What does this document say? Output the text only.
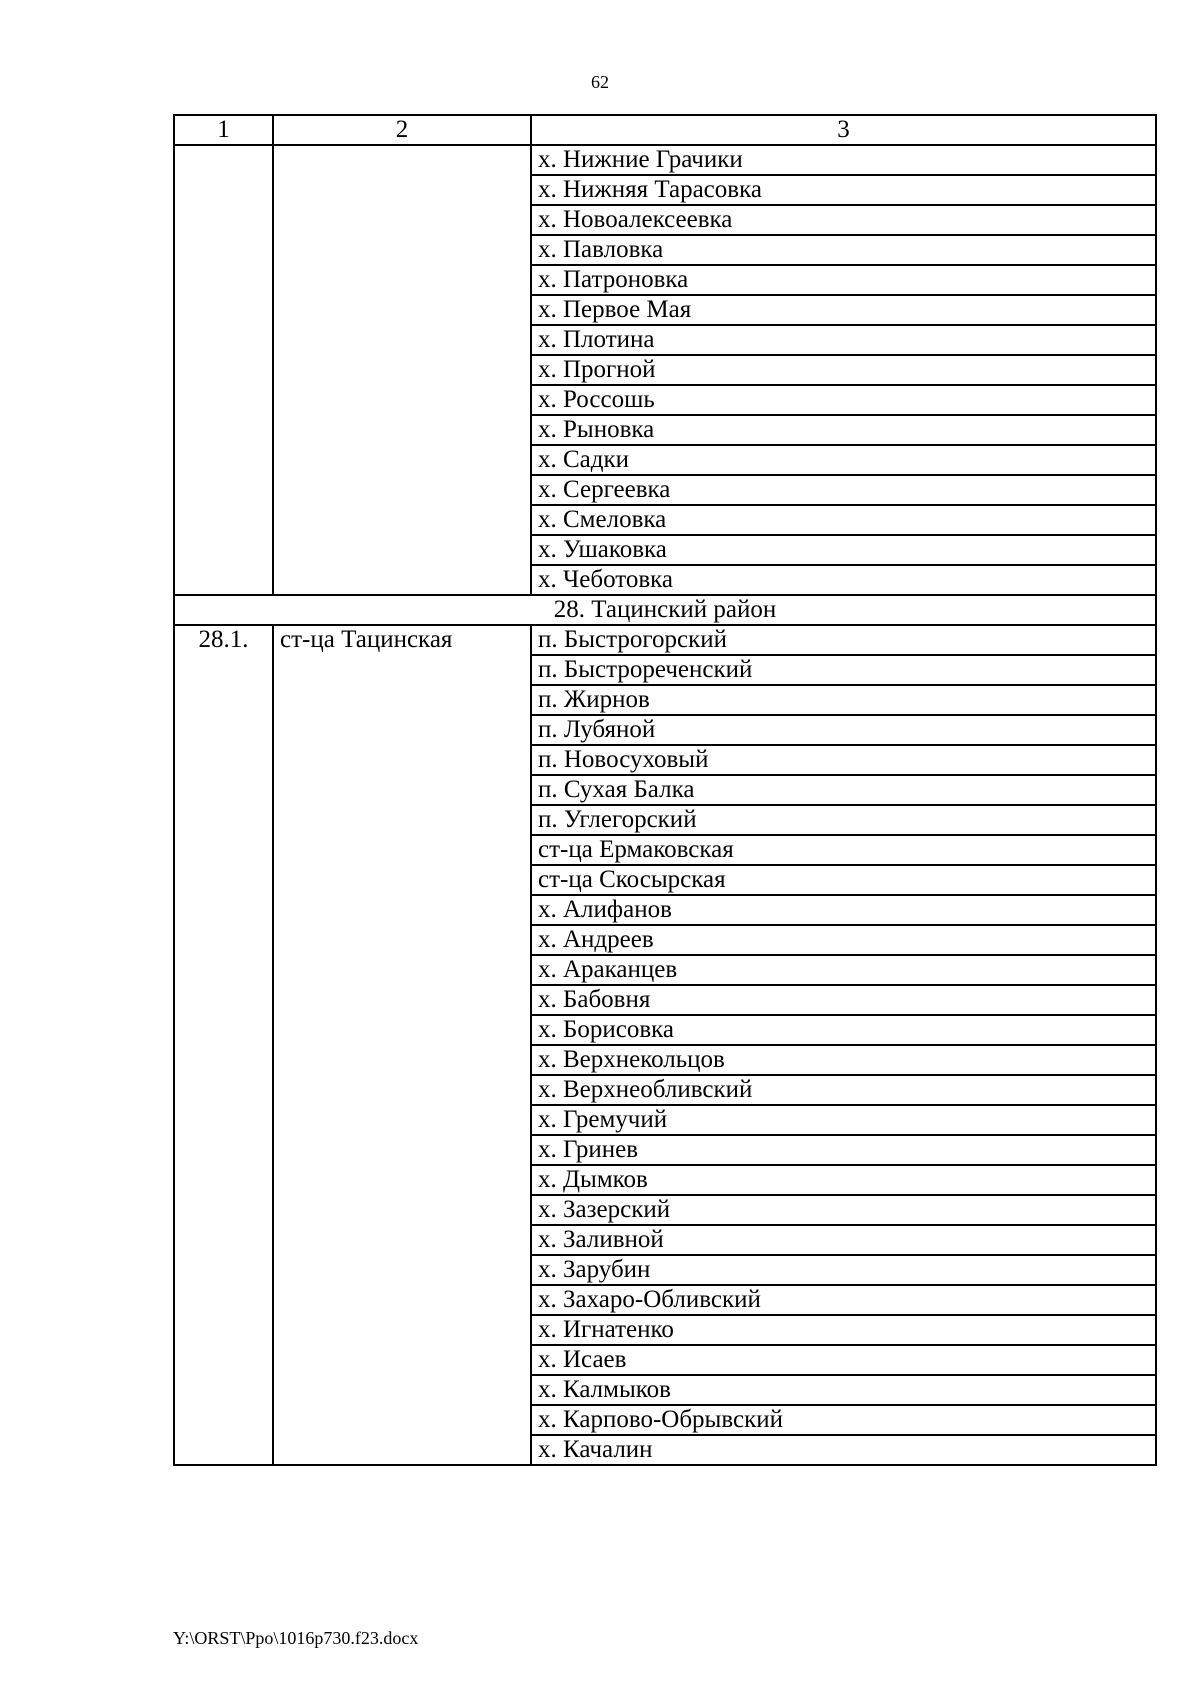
62
1	2	3
		х. Нижние Грачики
		х. Нижняя Тарасовка
		х. Новоалексеевка
		х. Павловка
		х. Патроновка
		х. Первое Мая
		х. Плотина
		х. Прогной
		х. Россошь
		х. Рыновка
		х. Садки
		х. Сергеевка
		х. Смеловка
		х. Ушаковка
		х. Чеботовка
28. Тацинский район		
28.1.	ст-ца Тацинская	п. Быстрогорский
		п. Быстрореченский
		п. Жирнов
		п. Лубяной
		п. Новосуховый
		п. Сухая Балка
		п. Углегорский
		ст-ца Ермаковская
		ст-ца Скосырская
		х. Алифанов
		х. Андреев
		х. Араканцев
		х. Бабовня
		х. Борисовка
		х. Верхнекольцов
		х. Верхнеобливский
		х. Гремучий
		х. Гринев
		х. Дымков
		х. Зазерский
		х. Заливной
		х. Зарубин
		х. Захаро-Обливский
		х. Игнатенко
		х. Исаев
		х. Калмыков
		х. Карпово-Обрывский
		х. Качалин
Y:\ORST\Ppo\1016p730.f23.docx
